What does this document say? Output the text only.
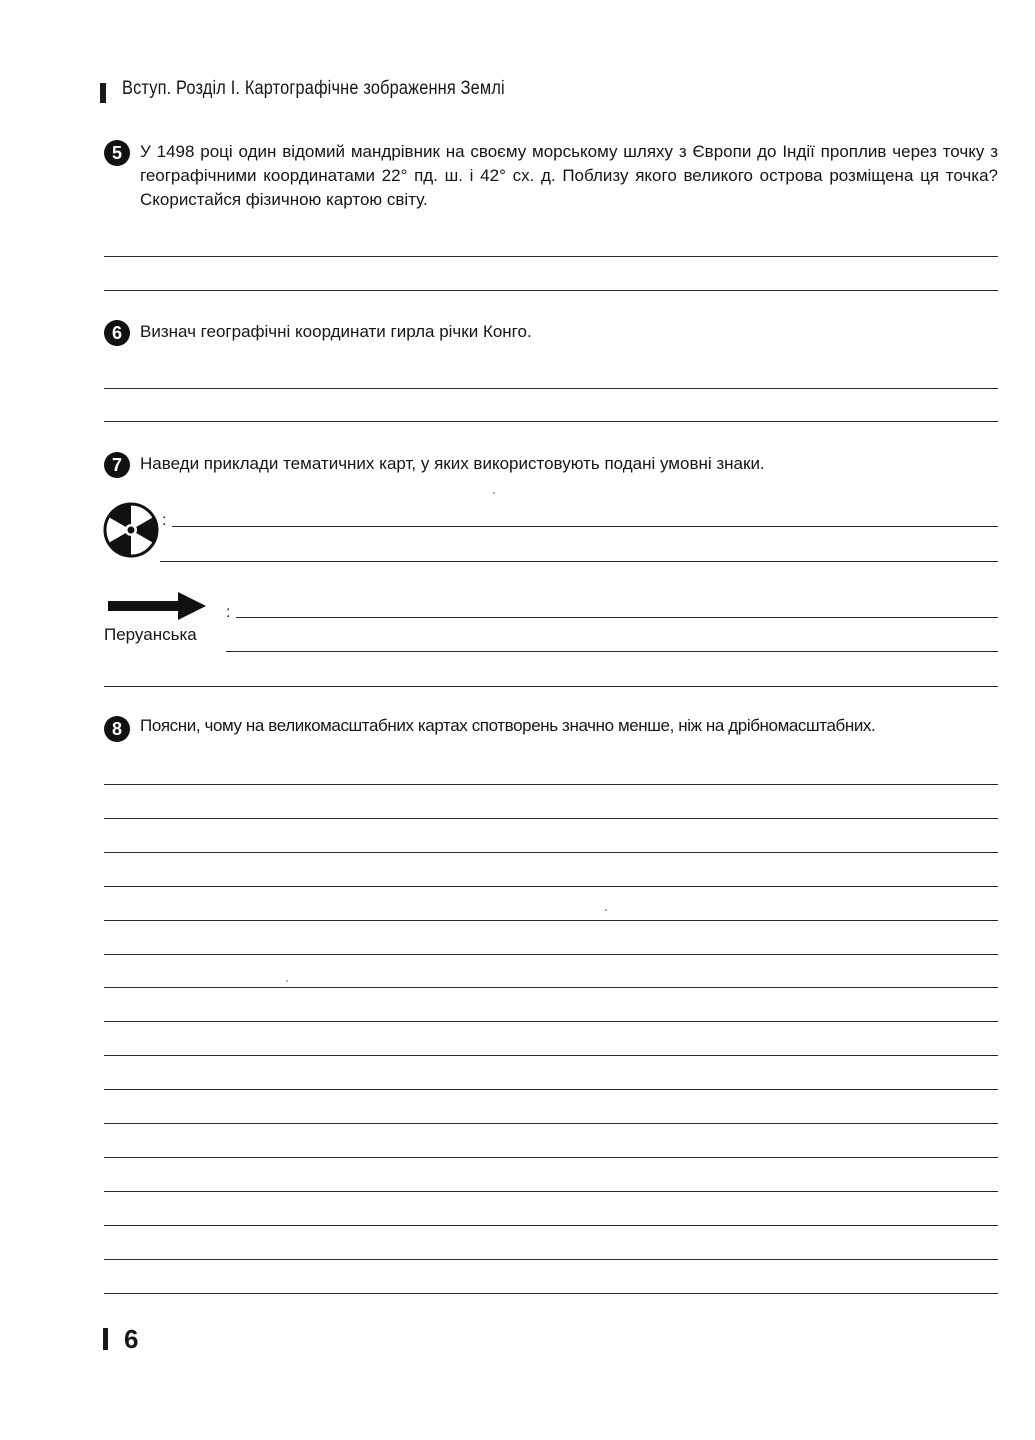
Вступ. Розділ І. Картографічне зображення Землі
5	У 1498 році один відомий мандрівник на своєму морському шляху з Європи до Індії проплив через точку з географічними координатами 22° пд. ш. і 42° сх. д. Поблизу якого великого острова розміщена ця точка? Скористайся фізичною картою світу.
6	Визнач географічні координати гирла річки Конго.
7	Наведи приклади тематичних карт, у яких використовують подані умовні знаки.
:
:
Перуанська
8	Поясни, чому на великомасштабних картах спотворень значно менше, ніж на дрібномасштабних.
6
